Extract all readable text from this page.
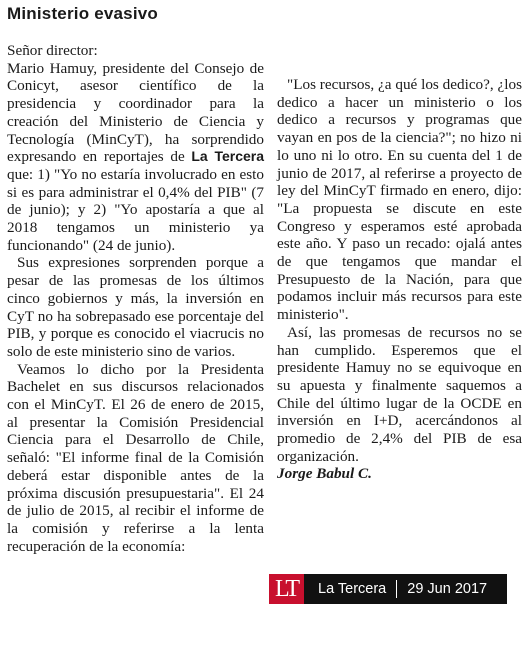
Ministerio evasivo

Señor director:

Mario Hamuy, presidente del Consejo de Conicyt, asesor científico de la presidencia y coordinador para la creación del Ministerio de Ciencia y Tecnología (MinCyT), ha sorprendido expresando en reportajes de La Tercera que: 1) "Yo no estaría involucrado en esto si es para administrar el 0,4% del PIB" (7 de junio); y 2) "Yo apostaría a que al 2018 tengamos un ministerio ya funcionando" (24 de junio).

Sus expresiones sorprenden porque a pesar de las promesas de los últimos cinco gobiernos y más, la inversión en CyT no ha sobrepasado ese porcentaje del PIB, y porque es conocido el viacrucis no solo de este ministerio sino de varios.

Veamos lo dicho por la Presidenta Bachelet en sus discursos relacionados con el MinCyT. El 26 de enero de 2015, al presentar la Comisión Presidencial Ciencia para el Desarrollo de Chile, señaló: "El informe final de la Comisión deberá estar disponible antes de la próxima discusión presupuestaria". El 24 de julio de 2015, al recibir el informe de la comisión y referirse a la lenta recuperación de la economía:

"Los recursos, ¿a qué los dedico?, ¿los dedico a hacer un ministerio o los dedico a recursos y programas que vayan en pos de la ciencia?"; no hizo ni lo uno ni lo otro. En su cuenta del 1 de junio de 2017, al referirse a proyecto de ley del MinCyT firmado en enero, dijo: "La propuesta se discute en este Congreso y esperamos esté aprobada este año. Y paso un recado: ojalá antes de que tengamos que mandar el Presupuesto de la Nación, para que podamos incluir más recursos para este ministerio".

Así, las promesas de recursos no se han cumplido. Esperemos que el presidente Hamuy no se equivoque en su apuesta y finalmente saquemos a Chile del último lugar de la OCDE en inversión en I+D, acercándonos al promedio de 2,4% del PIB de esa organización.

Jorge Babul C.

LT	La Tercera 29 Jun 2017
